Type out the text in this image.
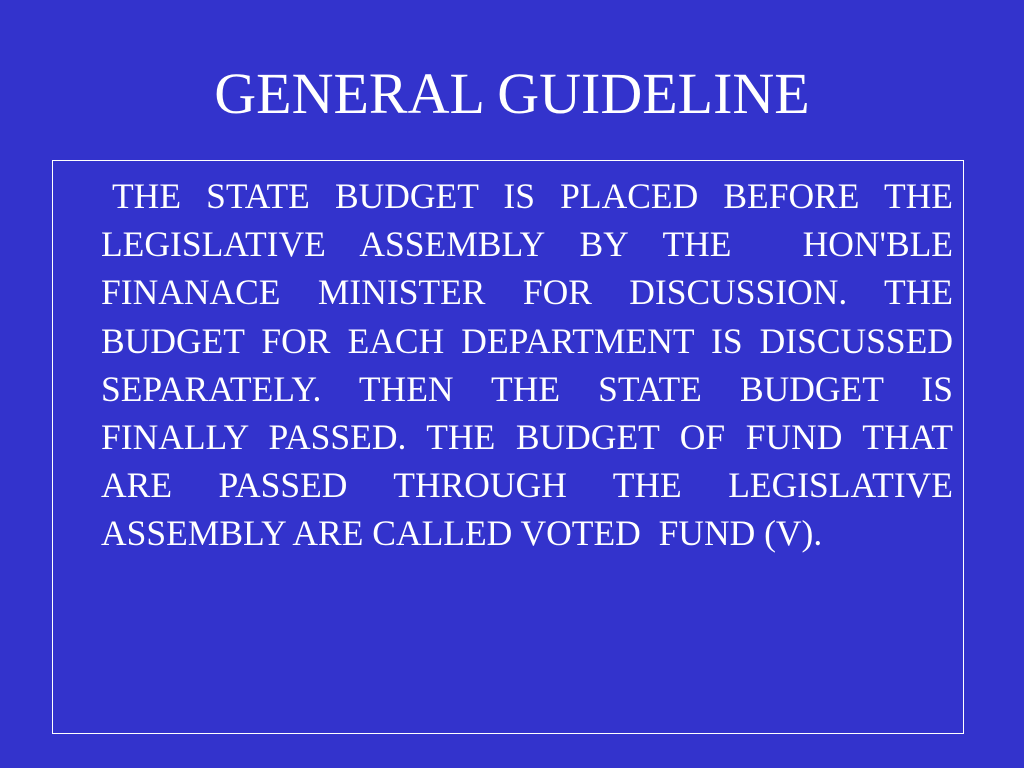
GENERAL GUIDELINE

THE STATE BUDGET IS PLACED BEFORE THE LEGISLATIVE ASSEMBLY BY THE  HON'BLE FINANACE MINISTER FOR DISCUSSION. THE BUDGET FOR EACH DEPARTMENT IS DISCUSSED SEPARATELY. THEN THE STATE BUDGET IS FINALLY PASSED. THE BUDGET OF FUND THAT ARE PASSED THROUGH THE LEGISLATIVE ASSEMBLY ARE CALLED VOTED  FUND (V).
